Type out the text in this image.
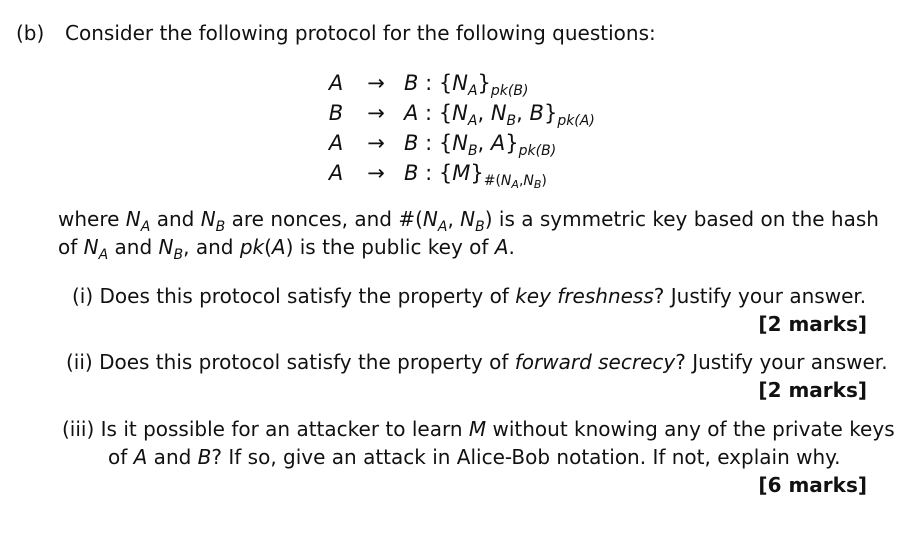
(b) Consider the following protocol for the following questions:
A → B : $\{N_A\}_{pk(B)}$
B → A : {$N_A$, $N_B$, $B\}_{pk(A)}$
A → B : {$N_B$, $A\}_{pk(B)}$
A → B : $\{M\}_{\#(N_A,N_B)}$
where $N_A$ and $N_B$ are nonces, and $\#(N_A$, $N_B$) is a symmetric key based on the hash
of $N_A$ and $N_B$, and pk(A) is the public key of A.
(i) Does this protocol satisfy the property of key freshness? Justify your answer.
[2 marks]
(ii) Does this protocol satisfy the property of forward secrecy? Justify your answer.
[2 marks]
(iii) Is it possible for an attacker to learn M without knowing any of the private keys
of A and B? If so, give an attack in Alice-Bob notation. If not, explain why.
[6 marks]
